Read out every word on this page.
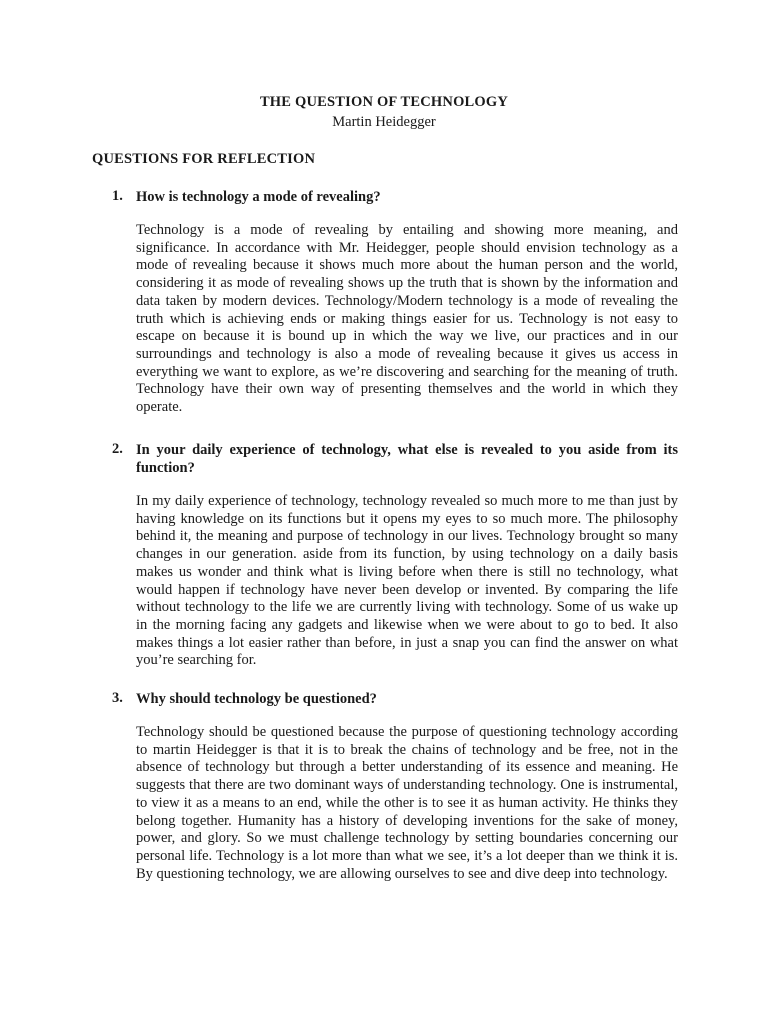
THE QUESTION OF TECHNOLOGY
Martin Heidegger
QUESTIONS FOR REFLECTION
1. How is technology a mode of revealing?
Technology is a mode of revealing by entailing and showing more meaning, and significance. In accordance with Mr. Heidegger, people should envision technology as a mode of revealing because it shows much more about the human person and the world, considering it as mode of revealing shows up the truth that is shown by the information and data taken by modern devices. Technology/Modern technology is a mode of revealing the truth which is achieving ends or making things easier for us. Technology is not easy to escape on because it is bound up in which the way we live, our practices and in our surroundings and technology is also a mode of revealing because it gives us access in everything we want to explore, as we’re discovering and searching for the meaning of truth. Technology have their own way of presenting themselves and the world in which they operate.
2. In your daily experience of technology, what else is revealed to you aside from its function?
In my daily experience of technology, technology revealed so much more to me than just by having knowledge on its functions but it opens my eyes to so much more. The philosophy behind it, the meaning and purpose of technology in our lives. Technology brought so many changes in our generation. aside from its function, by using technology on a daily basis makes us wonder and think what is living before when there is still no technology, what would happen if technology have never been develop or invented. By comparing the life without technology to the life we are currently living with technology. Some of us wake up in the morning facing any gadgets and likewise when we were about to go to bed. It also makes things a lot easier rather than before, in just a snap you can find the answer on what you’re searching for.
3. Why should technology be questioned?
Technology should be questioned because the purpose of questioning technology according to martin Heidegger is that it is to break the chains of technology and be free, not in the absence of technology but through a better understanding of its essence and meaning. He suggests that there are two dominant ways of understanding technology. One is instrumental, to view it as a means to an end, while the other is to see it as human activity. He thinks they belong together. Humanity has a history of developing inventions for the sake of money, power, and glory. So we must challenge technology by setting boundaries concerning our personal life. Technology is a lot more than what we see, it’s a lot deeper than we think it is. By questioning technology, we are allowing ourselves to see and dive deep into technology.
